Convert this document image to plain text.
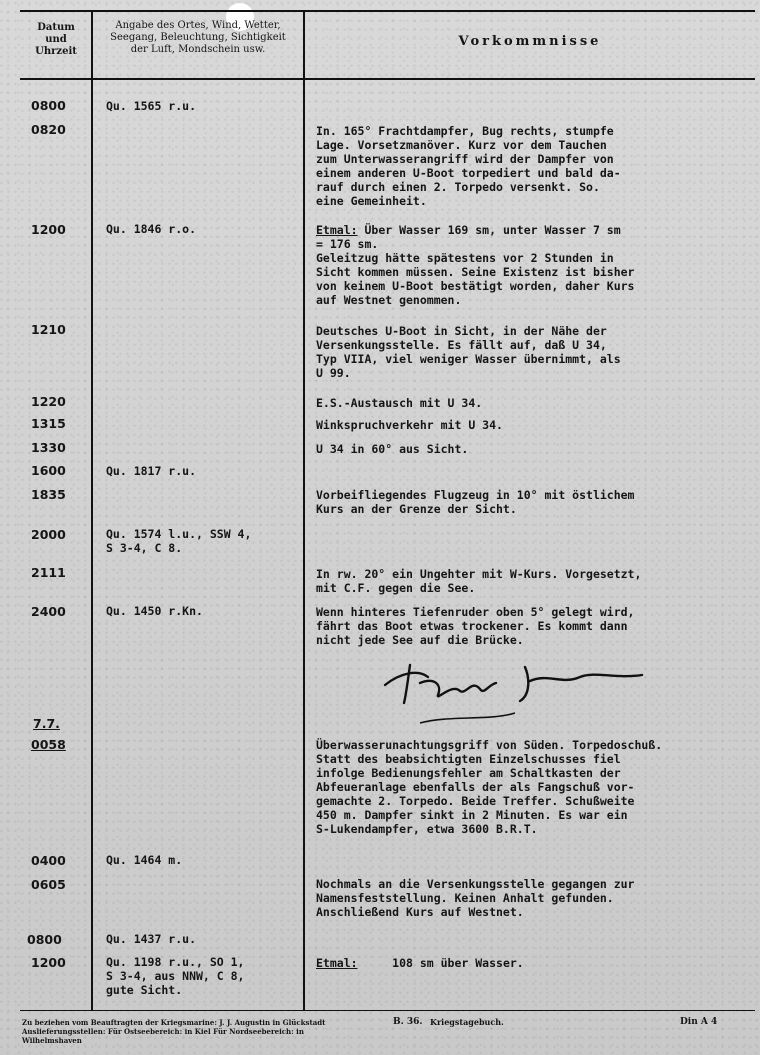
Datum
und
Uhrzeit
Angabe des Ortes, Wind, Wetter,
Seegang, Beleuchtung, Sichtigkeit
der Luft, Mondschein usw.
Vorkommnisse
0800
0820
1200
1210
1220
1315
1330
1600
1835
2000
2111
2400
7.7.
0058
0400
0605
0800
1200
Qu. 1565 r.u.
Qu. 1846 r.o.
Qu. 1817 r.u.
Qu. 1574 l.u., SSW 4,
S 3-4, C 8.
Qu. 1450 r.Kn.
Qu. 1464 m.
Qu. 1437 r.u.
Qu. 1198 r.u., SO 1,
S 3-4, aus NNW, C 8,
gute Sicht.
In. 165° Frachtdampfer, Bug rechts, stumpfe
Lage. Vorsetzmanöver. Kurz vor dem Tauchen
zum Unterwasserangriff wird der Dampfer von
einem anderen U-Boot torpediert und bald da-
rauf durch einen 2. Torpedo versenkt. So.
eine Gemeinheit.
Etmal: Über Wasser 169 sm, unter Wasser 7 sm
= 176 sm.
Geleitzug hätte spätestens vor 2 Stunden in
Sicht kommen müssen. Seine Existenz ist bisher
von keinem U-Boot bestätigt worden, daher Kurs
auf Westnet genommen.
Deutsches U-Boot in Sicht, in der Nähe der
Versenkungsstelle. Es fällt auf, daß U 34,
Typ VIIA, viel weniger Wasser übernimmt, als
U 99.
E.S.-Austausch mit U 34.
Winkspruchverkehr mit U 34.
U 34 in 60° aus Sicht.
Vorbeifliegendes Flugzeug in 10° mit östlichem
Kurs an der Grenze der Sicht.
In rw. 20° ein Ungehter mit W-Kurs. Vorgesetzt,
mit C.F. gegen die See.
Wenn hinteres Tiefenruder oben 5° gelegt wird,
fährt das Boot etwas trockener. Es kommt dann
nicht jede See auf die Brücke.
Überwasserunachtungsgriff von Süden. Torpedoschuß.
Statt des beabsichtigten Einzelschusses fiel
infolge Bedienungsfehler am Schaltkasten der
Abfeueranlage ebenfalls der als Fangschuß vor-
gemachte 2. Torpedo. Beide Treffer. Schußweite
450 m. Dampfer sinkt in 2 Minuten. Es war ein
S-Lukendampfer, etwa 3600 B.R.T.
Nochmals an die Versenkungsstelle gegangen zur
Namensfeststellung. Keinen Anhalt gefunden.
Anschließend Kurs auf Westnet.
Etmal:	108 sm über Wasser.
Zu beziehen vom Beauftragten der Kriegsmarine: J. J. Augustin in Glückstadt
Auslieferungsstellen: Für Ostseebereich: in Kiel Für Nordseebereich: in Wilhelmshaven
B. 36. Kriegstagebuch.	Din A 4
